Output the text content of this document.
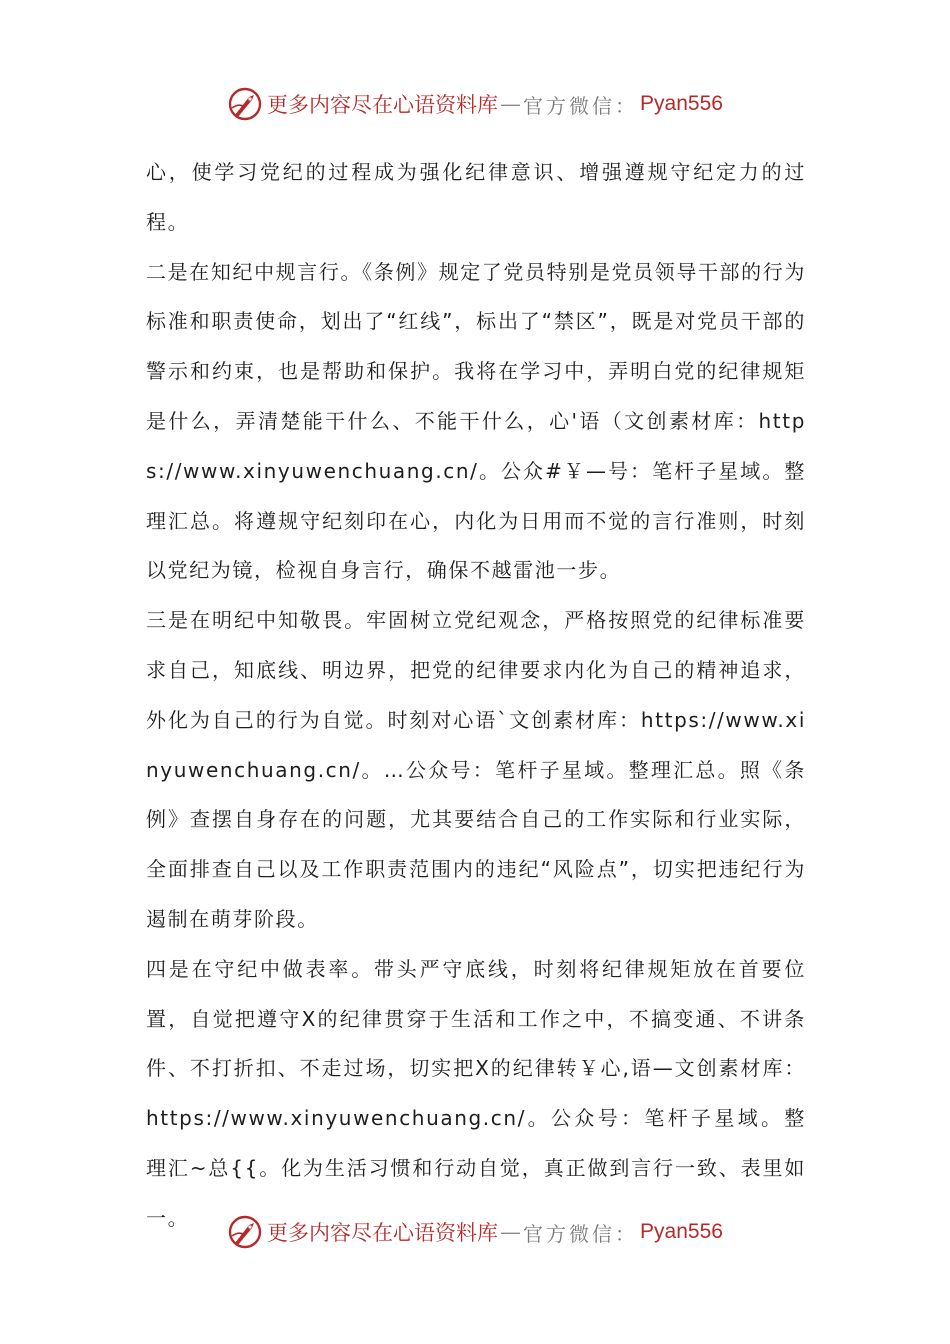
更多内容尽在心语资料库 — 官方微信： Pyan556

心，使学习党纪的过程成为强化纪律意识、增强遵规守纪定力的过程。

二是在知纪中规言行。《条例》规定了党员特别是党员领导干部的行为标准和职责使命，划出了“红线”，标出了“禁区”，既是对党员干部的警示和约束，也是帮助和保护。我将在学习中，弄明白党的纪律规矩是什么，弄清楚能干什么、不能干什么，心'语（文创素材库：https://www.xinyuwenchuang.cn/。公众#￥—号：笔杆子星域。整理汇总。将遵规守纪刻印在心，内化为日用而不觉的言行准则，时刻以党纪为镜，检视自身言行，确保不越雷池一步。

三是在明纪中知敬畏。牢固树立党纪观念，严格按照党的纪律标准要求自己，知底线、明边界，把党的纪律要求内化为自己的精神追求，外化为自己的行为自觉。时刻对心语`文创素材库：https://www.xinyuwenchuang.cn/。…公众号：笔杆子星域。整理汇总。照《条例》查摆自身存在的问题，尤其要结合自己的工作实际和行业实际，全面排查自己以及工作职责范围内的违纪“风险点”，切实把违纪行为遏制在萌芽阶段。

四是在守纪中做表率。带头严守底线，时刻将纪律规矩放在首要位置，自觉把遵守X的纪律贯穿于生活和工作之中，不搞变通、不讲条件、不打折扣、不走过场，切实把X的纪律转￥心,语—文创素材库：https://www.xinyuwenchuang.cn/。公众号：笔杆子星域。整理汇~总{{。化为生活习惯和行动自觉，真正做到言行一致、表里如一。

更多内容尽在心语资料库 — 官方微信： Pyan556
